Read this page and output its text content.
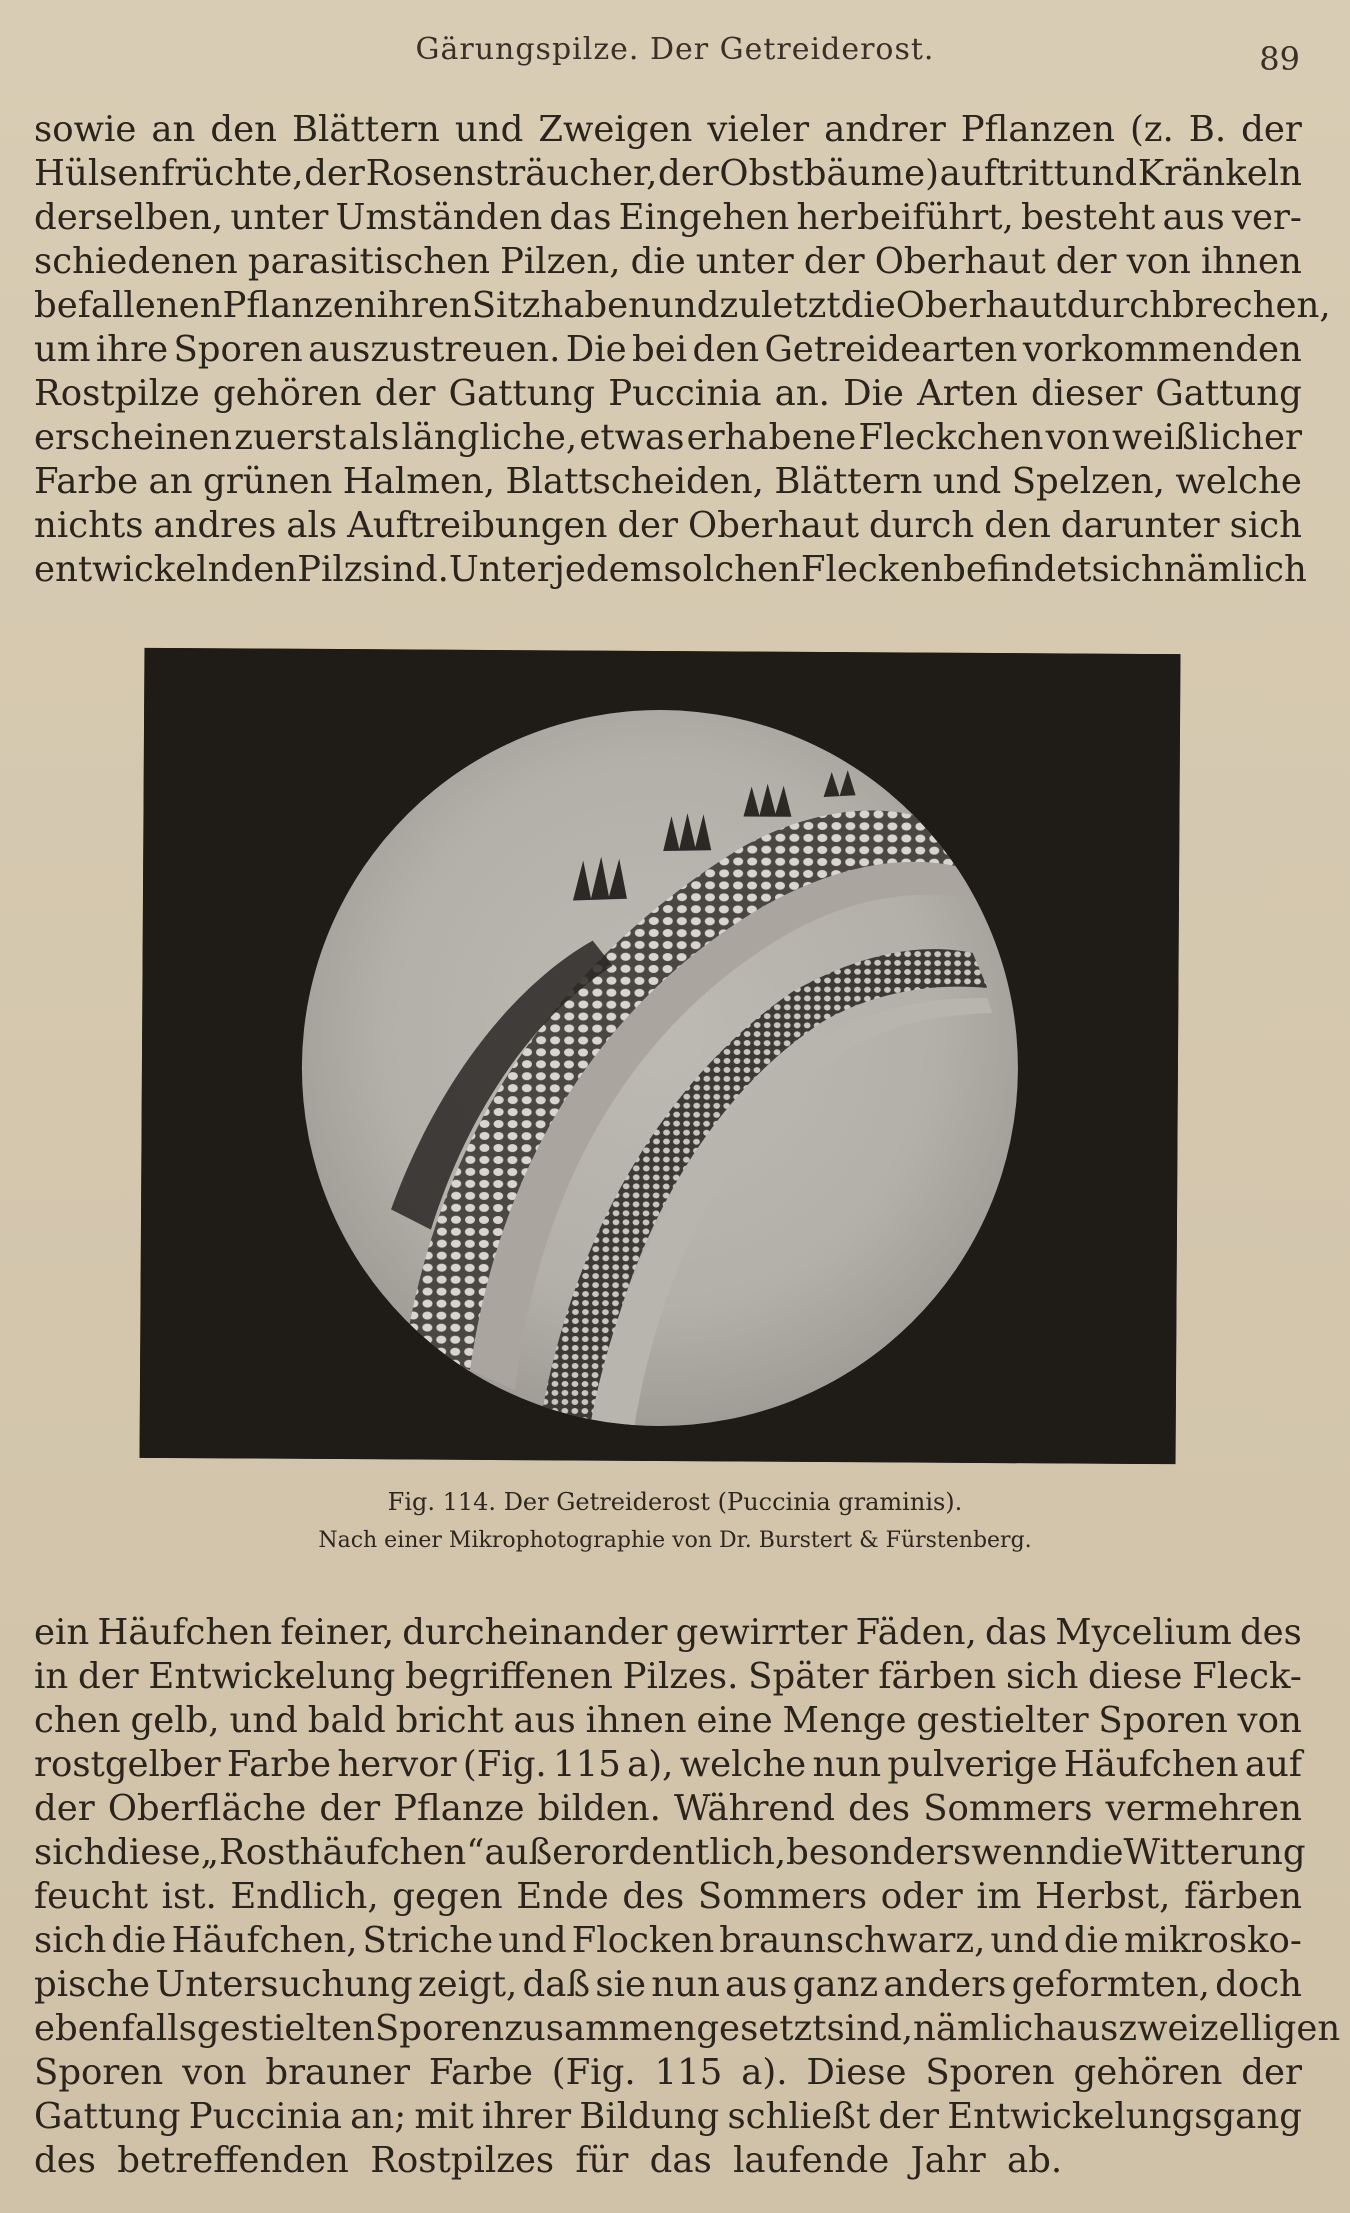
Gärungspilze. Der Getreiderost.	89
sowie an den Blättern und Zweigen vieler andrer Pflanzen (z. B. der
Hülsenfrüchte, der Rosensträucher, der Obstbäume) auftritt und Kränkeln
derselben, unter Umständen das Eingehen herbeiführt, besteht aus ver-
schiedenen parasitischen Pilzen, die unter der Oberhaut der von ihnen
befallenen Pflanzen ihren Sitz haben und zuletzt die Oberhaut durchbrechen,
um ihre Sporen auszustreuen. Die bei den Getreidearten vorkommenden
Rostpilze gehören der Gattung Puccinia an. Die Arten dieser Gattung
erscheinen zuerst als längliche, etwas erhabene Fleckchen von weißlicher
Farbe an grünen Halmen, Blattscheiden, Blättern und Spelzen, welche
nichts andres als Auftreibungen der Oberhaut durch den darunter sich
entwickelnden Pilz sind. Unter jedem solchen Flecken befindet sich nämlich
Fig. 114. Der Getreiderost (Puccinia graminis).
Nach einer Mikrophotographie von Dr. Burstert & Fürstenberg.
ein Häufchen feiner, durcheinander gewirrter Fäden, das Mycelium des
in der Entwickelung begriffenen Pilzes. Später färben sich diese Fleck-
chen gelb, und bald bricht aus ihnen eine Menge gestielter Sporen von
rostgelber Farbe hervor (Fig. 115 a), welche nun pulverige Häufchen auf
der Oberfläche der Pflanze bilden. Während des Sommers vermehren
sich diese „Rosthäufchen“ außerordentlich, besonders wenn die Witterung
feucht ist. Endlich, gegen Ende des Sommers oder im Herbst, färben
sich die Häufchen, Striche und Flocken braunschwarz, und die mikrosko-
pische Untersuchung zeigt, daß sie nun aus ganz anders geformten, doch
ebenfalls gestielten Sporen zusammengesetzt sind, nämlich aus zweizelligen
Sporen von brauner Farbe (Fig. 115 a). Diese Sporen gehören der
Gattung Puccinia an; mit ihrer Bildung schließt der Entwickelungsgang
des betreffenden Rostpilzes für das laufende Jahr ab.
